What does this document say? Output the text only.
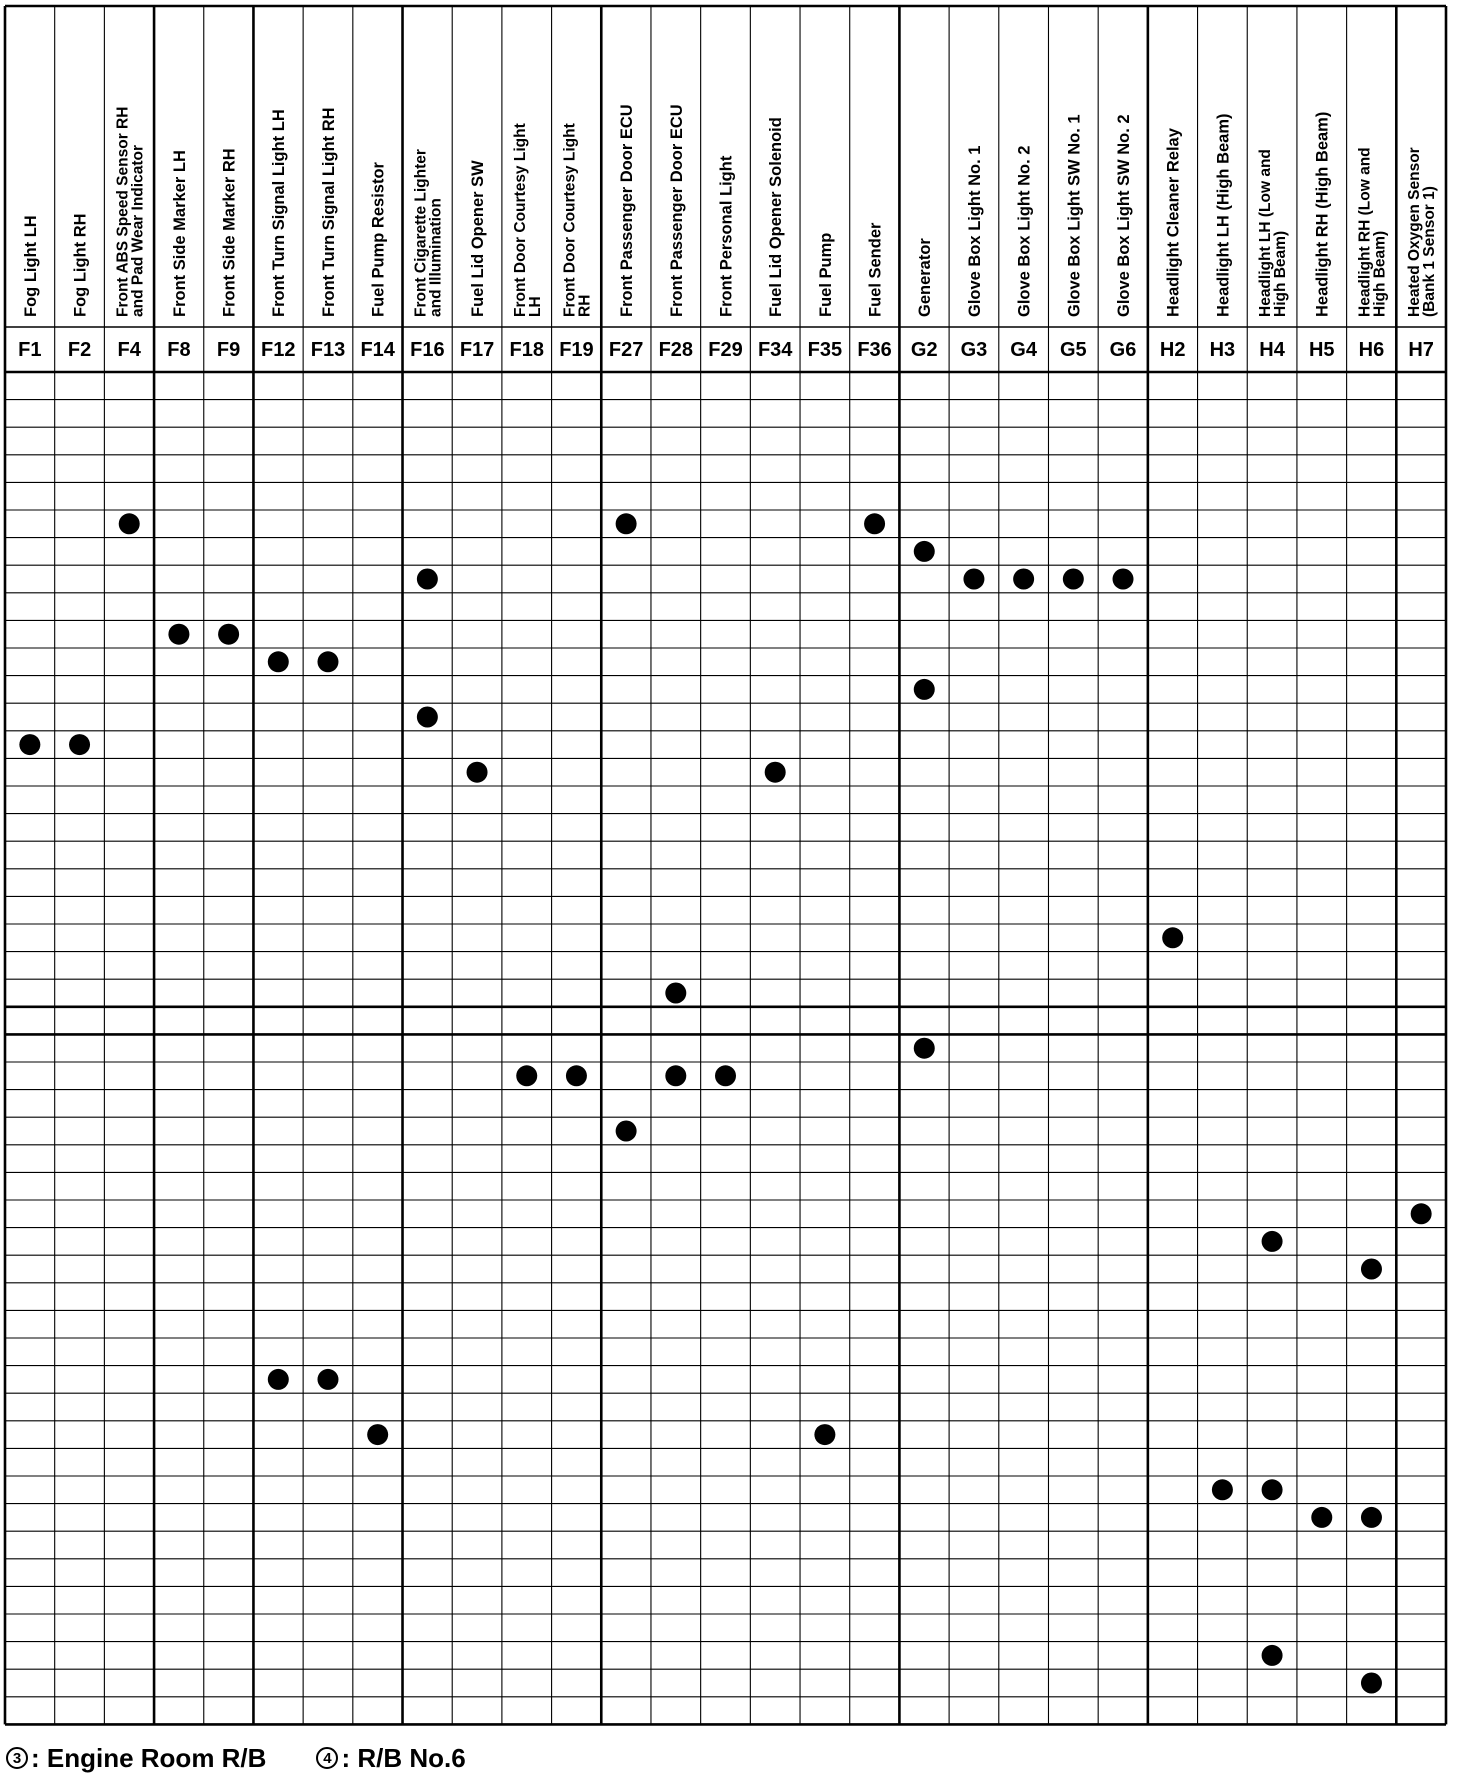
Fog Light LH
F1
Fog Light RH
F2
Front ABS Speed Sensor RHand Pad Wear Indicator
F4
Front Side Marker LH
F8
Front Side Marker RH
F9
Front Turn Signal Light LH
F12
Front Turn Signal Light RH
F13
Fuel Pump Resistor
F14
Front Cigarette Lighterand Illumination
F16
Fuel Lid Opener SW
F17
Front Door Courtesy LightLH
F18
Front Door Courtesy LightRH
F19
Front Passenger Door ECU
F27
Front Passenger Door ECU
F28
Front Personal Light
F29
Fuel Lid Opener Solenoid
F34
Fuel Pump
F35
Fuel Sender
F36
Generator
G2
Glove Box Light No. 1
G3
Glove Box Light No. 2
G4
Glove Box Light SW No. 1
G5
Glove Box Light SW No. 2
G6
Headlight Cleaner Relay
H2
Headlight LH (High Beam)
H3
Headlight LH (Low andHigh Beam)
H4
Headlight RH (High Beam)
H5
Headlight RH (Low andHigh Beam)
H6
Heated Oxygen Sensor(Bank 1 Sensor 1)
H7
3 : Engine Room R/B	4 : R/B No.6
